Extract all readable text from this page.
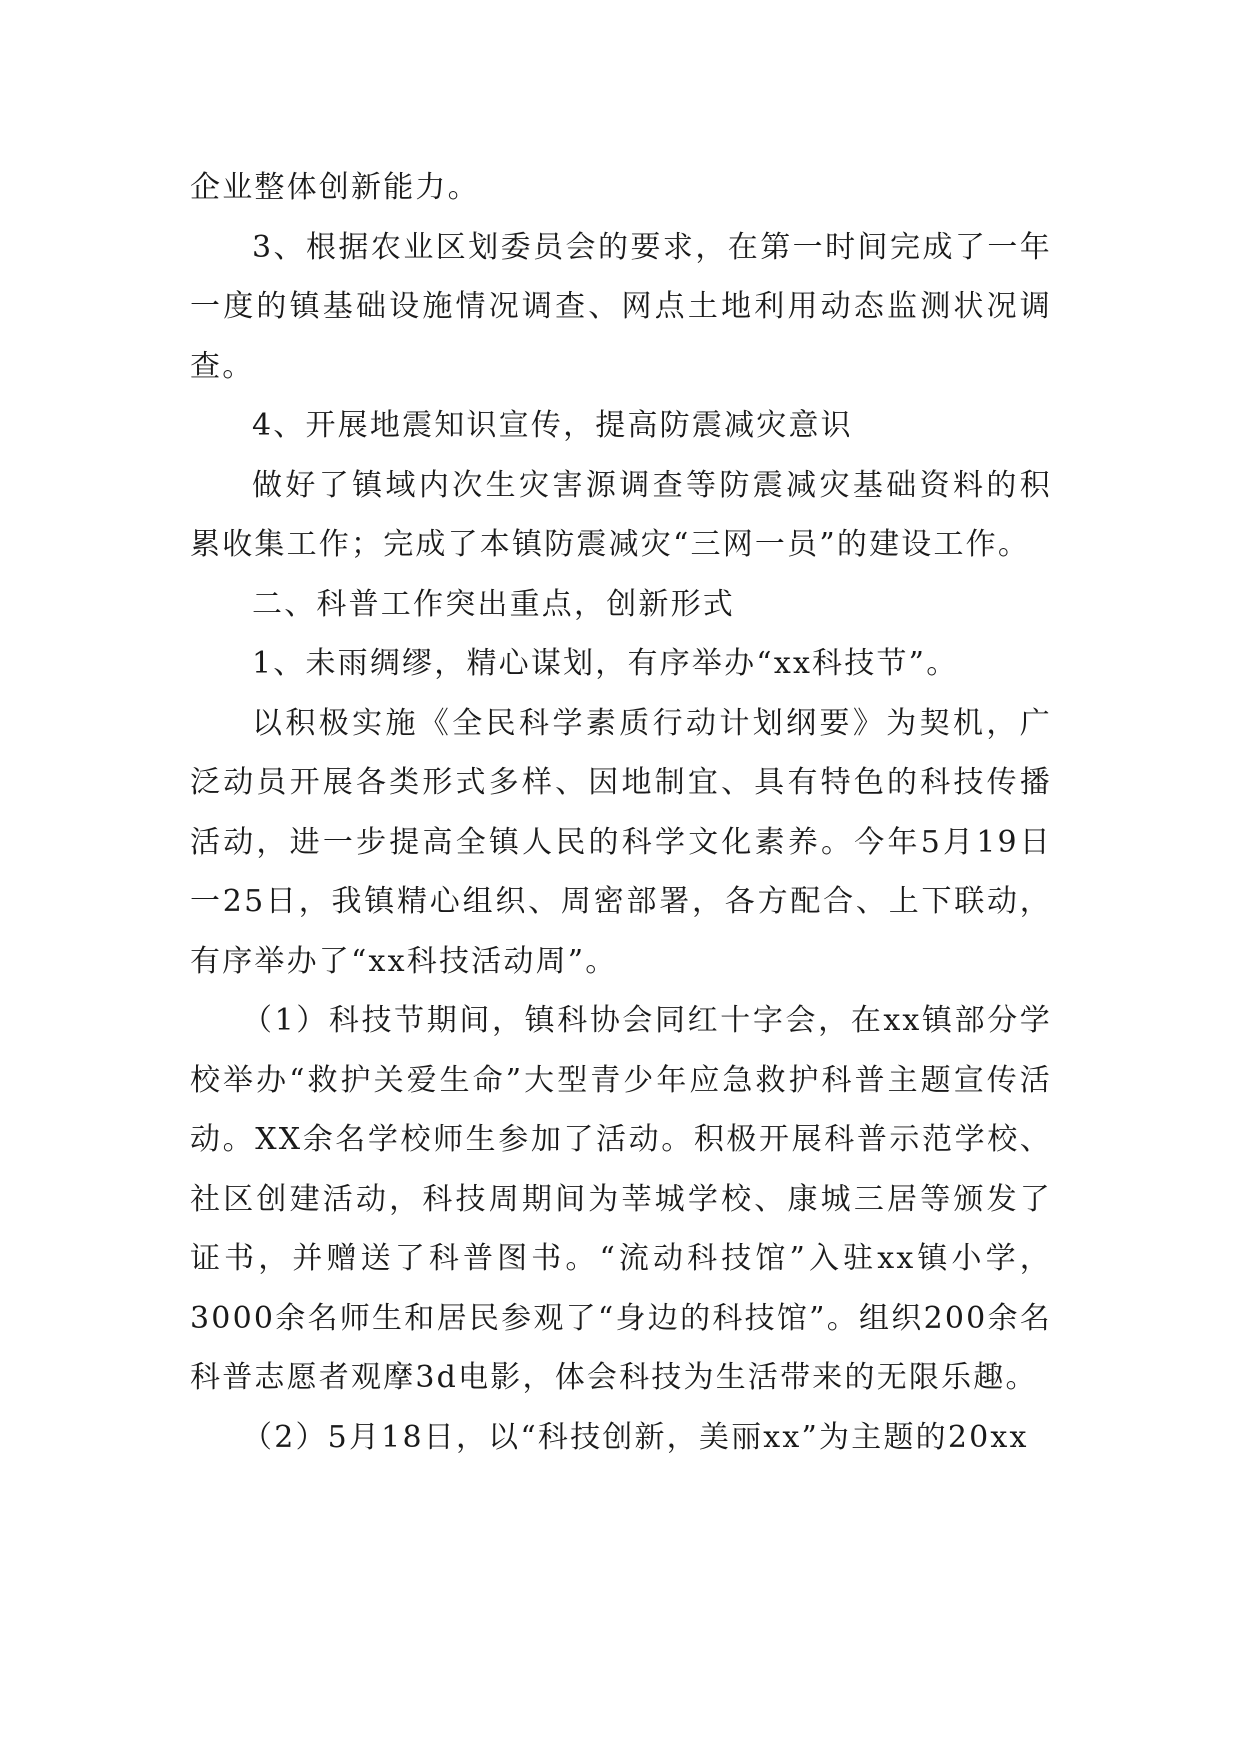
企业整体创新能力。

3、根据农业区划委员会的要求，在第一时间完成了一年一度的镇基础设施情况调查、网点土地利用动态监测状况调查。

4、开展地震知识宣传，提高防震减灾意识

做好了镇域内次生灾害源调查等防震减灾基础资料的积累收集工作；完成了本镇防震减灾“三网一员”的建设工作。

二、科普工作突出重点，创新形式

1、未雨绸缪，精心谋划，有序举办“xx科技节”。

以积极实施《全民科学素质行动计划纲要》为契机，广泛动员开展各类形式多样、因地制宜、具有特色的科技传播活动，进一步提高全镇人民的科学文化素养。今年5月19日一25日，我镇精心组织、周密部署，各方配合、上下联动，有序举办了“xx科技活动周”。

（1）科技节期间，镇科协会同红十字会，在xx镇部分学校举办“救护关爱生命”大型青少年应急救护科普主题宣传活动。XX余名学校师生参加了活动。积极开展科普示范学校、社区创建活动，科技周期间为莘城学校、康城三居等颁发了证书，并赠送了科普图书。“流动科技馆”入驻xx镇小学，3000余名师生和居民参观了“身边的科技馆”。组织200余名科普志愿者观摩3d电影，体会科技为生活带来的无限乐趣。

（2）5月18日，以“科技创新，美丽xx”为主题的20xx
